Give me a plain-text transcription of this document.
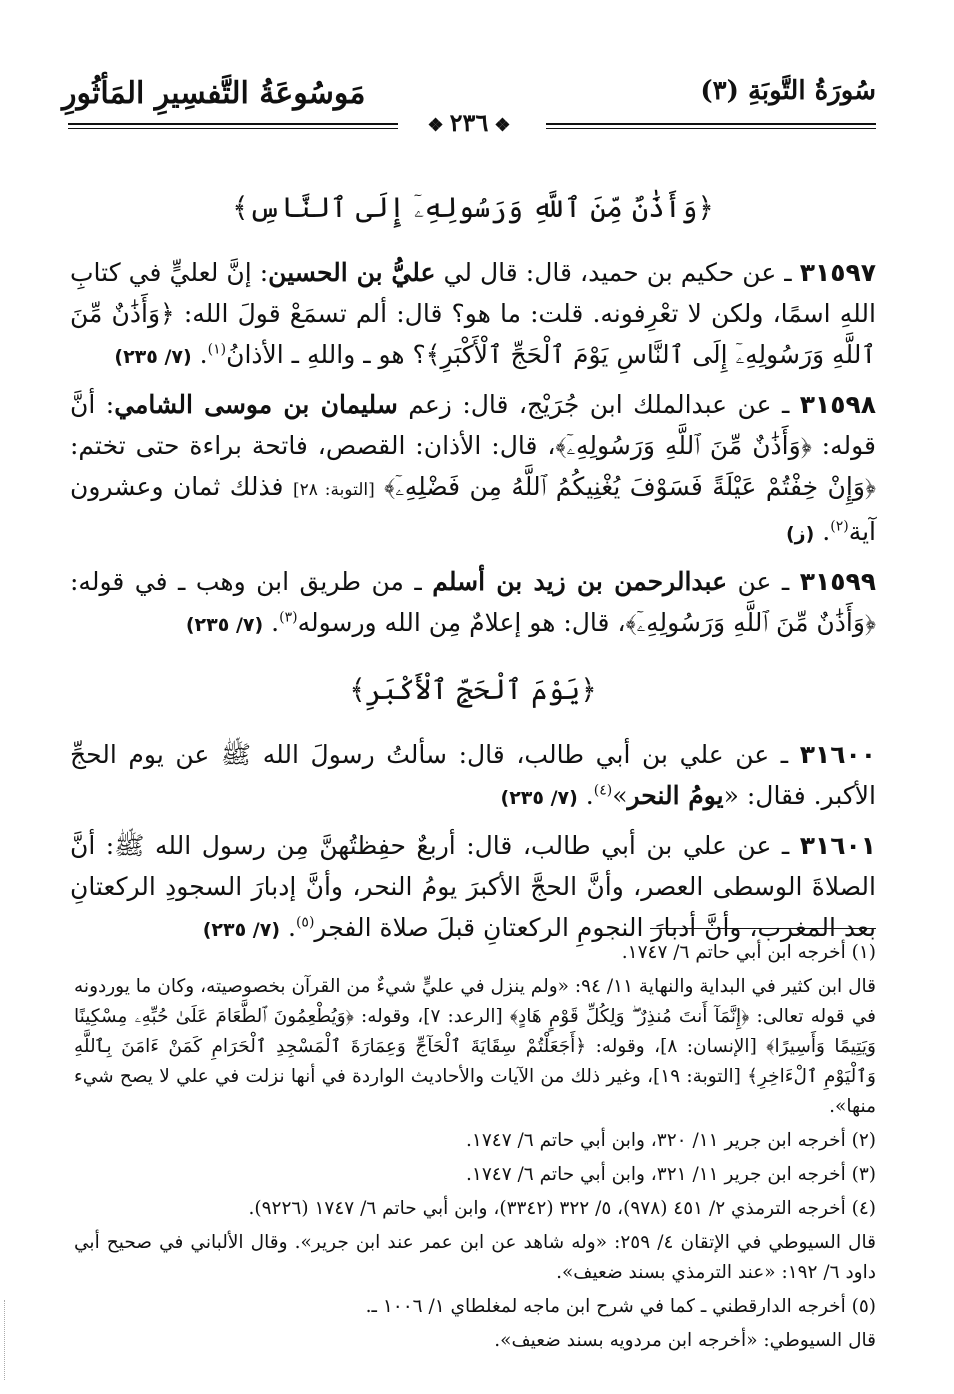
مَوسُوعَةُ التَّفسِيرِ المَأثُورِ	سُورَةُ التَّوبَةِ (٣)
❖ ٢٣٦ ❖
﴿وَأَذَٰنٌ مِّنَ ٱللَّهِ وَرَسُولِهِۦٓ إِلَى ٱلنَّاسِ﴾

٣١٥٩٧ ـ عن حكيم بن حميد، قال: قال لي عليُّ بن الحسين: إنَّ لعليٍّ في كتابِ اللهِ اسمًا، ولكن لا تعْرِفونه. قلت: ما هو؟ قال: ألم تسمَعْ قولَ الله: ﴿وَأَذَٰنٌ مِّنَ ٱللَّهِ وَرَسُولِهِۦٓ إِلَى ٱلنَّاسِ يَوْمَ ٱلْحَجِّ ٱلْأَكْبَرِ﴾؟ هو ـ واللهِ ـ الأذانُ$^{(١)}$. (٧/ ٢٣٥)

٣١٥٩٨ ـ عن عبدالملك ابن جُرَيْج، قال: زعم سليمان بن موسى الشامي: أنَّ قوله: ﴿وَأَذَٰنٌ مِّنَ ٱللَّهِ وَرَسُولِهِۦٓ﴾، قال: الأذان: القصص، فاتحة براءة حتى تختم: ﴿وَإِنْ خِفْتُمْ عَيْلَةً فَسَوْفَ يُغْنِيكُمُ ٱللَّهُ مِن فَضْلِهِۦٓ﴾ [التوبة: ٢٨] فذلك ثمان وعشرون آية$^{(٢)}$. (ز)

٣١٥٩٩ ـ عن عبدالرحمن بن زيد بن أسلم ـ من طريق ابن وهب ـ في قوله: ﴿وَأَذَٰنٌ مِّنَ ٱللَّهِ وَرَسُولِهِۦٓ﴾، قال: هو إعلامٌ مِن الله ورسوله$^{(٣)}$. (٧/ ٢٣٥)

﴿يَوْمَ ٱلْحَجِّ ٱلْأَكْبَرِ﴾

٣١٦٠٠ ـ عن علي بن أبي طالب، قال: سألتُ رسولَ الله ﷺ عن يوم الحجِّ الأكبر. فقال: «يومُ النحر»$^{(٤)}$. (٧/ ٢٣٥)

٣١٦٠١ ـ عن علي بن أبي طالب، قال: أربعٌ حفِظتُهنَّ مِن رسول الله ﷺ: أنَّ الصلاةَ الوسطى العصر، وأنَّ الحجَّ الأكبرَ يومُ النحر، وأنَّ إدبارَ السجودِ الركعتانِ بعد المغرب، وأنَّ أدبارَ النجومِ الركعتانِ قبلَ صلاة الفجر$^{(٥)}$. (٧/ ٢٣٥)

(١) أخرجه ابن أبي حاتم ٦/ ١٧٤٧.

قال ابن كثير في البداية والنهاية ١١/ ٩٤: «ولم ينزل في عليٍّ شيءٌ من القرآن بخصوصيته، وكان ما يوردونه في قوله تعالى: ﴿إِنَّمَآ أَنتَ مُنذِرٌ ۖ وَلِكُلِّ قَوْمٍ هَادٍ﴾ [الرعد: ٧]، وقوله: ﴿وَيُطْعِمُونَ ٱلطَّعَامَ عَلَىٰ حُبِّهِۦ مِسْكِينًا وَيَتِيمًا وَأَسِيرًا﴾ [الإنسان: ٨]، وقوله: ﴿أَجَعَلْتُمْ سِقَايَةَ ٱلْحَآجِّ وَعِمَارَةَ ٱلْمَسْجِدِ ٱلْحَرَامِ كَمَنْ ءَامَنَ بِٱللَّهِ وَٱلْيَوْمِ ٱلْءَاخِرِ﴾ [التوبة: ١٩]، وغير ذلك من الآيات والأحاديث الواردة في أنها نزلت في علي لا يصح شيء منها».

(٢) أخرجه ابن جرير ١١/ ٣٢٠، وابن أبي حاتم ٦/ ١٧٤٧.

(٣) أخرجه ابن جرير ١١/ ٣٢١، وابن أبي حاتم ٦/ ١٧٤٧.

(٤) أخرجه الترمذي ٢/ ٤٥١ (٩٧٨)، ٥/ ٣٢٢ (٣٣٤٢)، وابن أبي حاتم ٦/ ١٧٤٧ (٩٢٢٦).

قال السيوطي في الإتقان ٤/ ٢٥٩: «وله شاهد عن ابن عمر عند ابن جرير». وقال الألباني في صحيح أبي داود ٦/ ١٩٢: «عند الترمذي بسند ضعيف».

(٥) أخرجه الدارقطني ـ كما في شرح ابن ماجه لمغلطاي ١/ ١٠٠٦ ـ.

قال السيوطي: «أخرجه ابن مردويه بسند ضعيف».
